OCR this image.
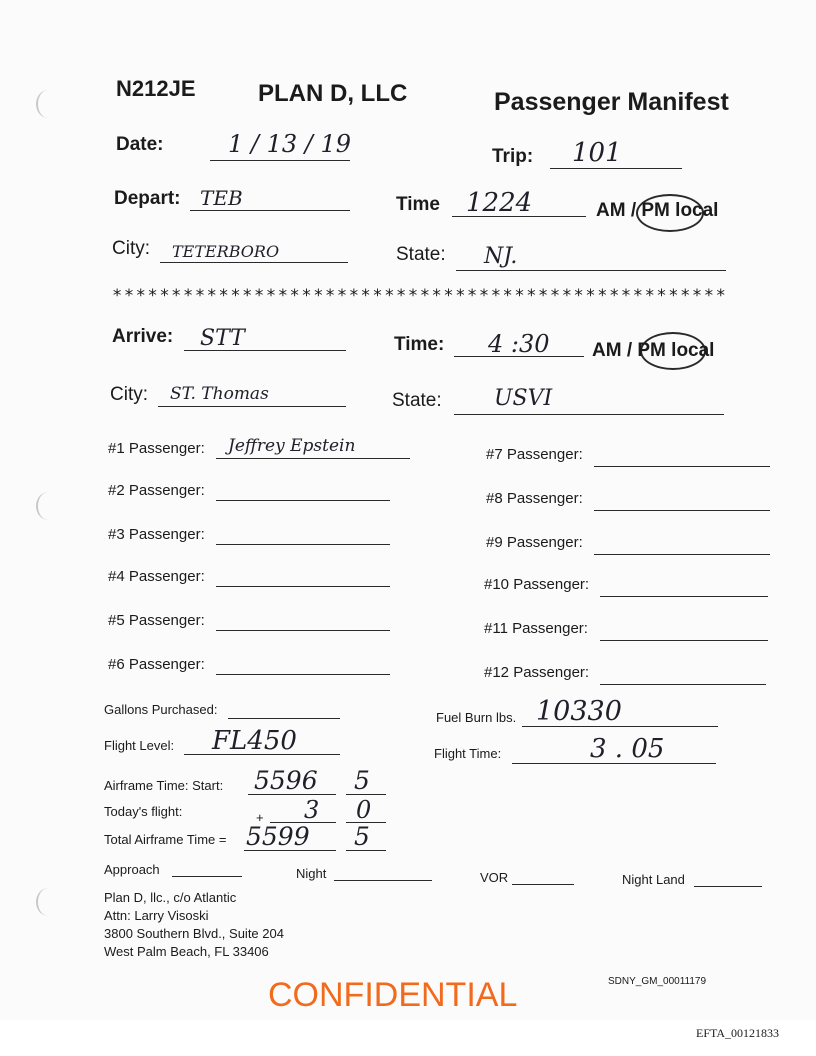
N212JE	PLAN D, LLC	Passenger Manifest
Date:	1 / 13 / 19	Trip: 101
Depart: TEB	Time 1224	AM / PM local
City: TETERBORO	State: NJ.
****************************************************
Arrive: STT	Time: 4 :30 AM / PM local
City: ST. Thomas	State: USVI
#1 Passenger: Jeffrey Epstein
#2 Passenger:
#3 Passenger:
#4 Passenger:
#5 Passenger:
#6 Passenger:
#7 Passenger:
#8 Passenger:
#9 Passenger:
#10 Passenger:
#11 Passenger:
#12 Passenger:
Gallons Purchased:
Fuel Burn lbs. 10330
Flight Level: FL450	Flight Time:	3 . 05
Airframe Time: Start: 5596 5
Today's flight:	+ 3 0
Total Airframe Time = 5599 5
Approach	Night	VOR	Night Land
Plan D, llc., c/o Atlantic
Attn: Larry Visoski
3800 Southern Blvd., Suite 204
West Palm Beach, FL 33406
SDNY_GM_00011179
CONFIDENTIAL
EFTA_00121833
